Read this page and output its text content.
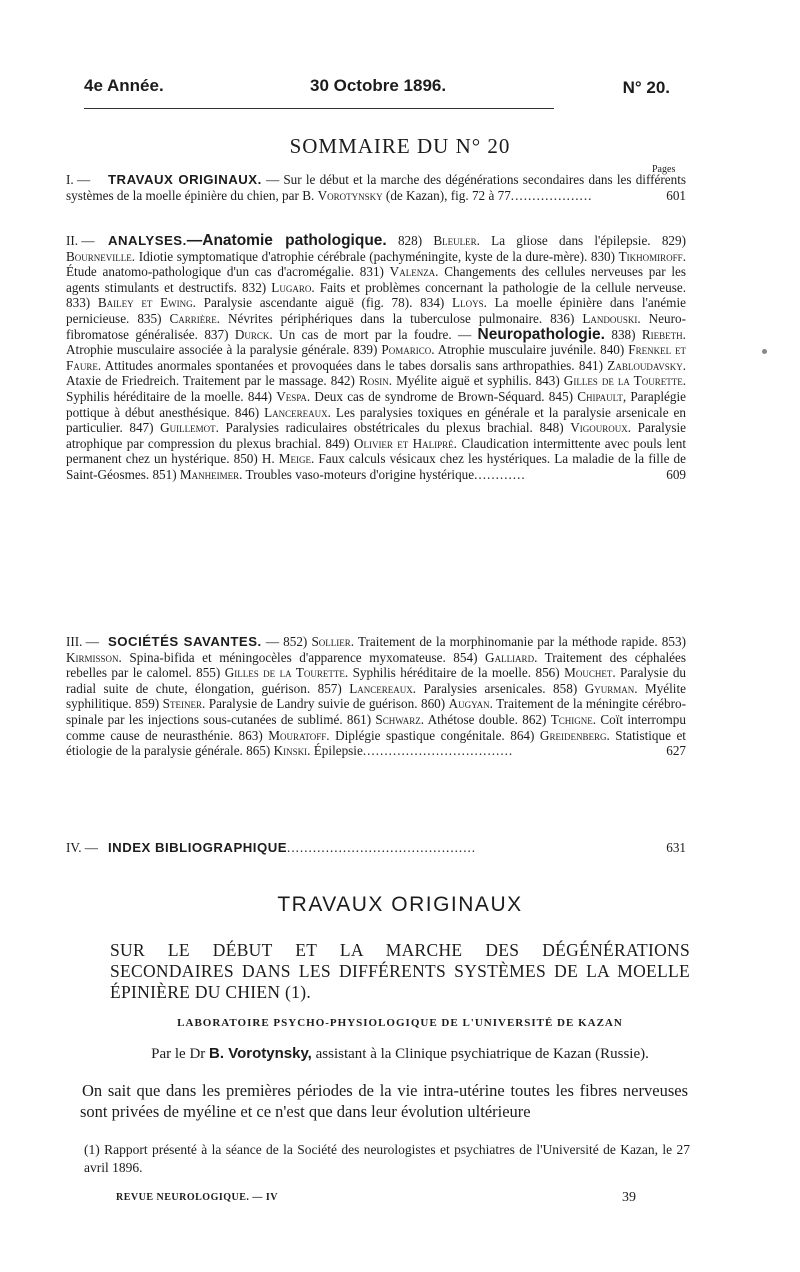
4e Année.	30 Octobre 1896.	N° 20.
SOMMAIRE DU N° 20
Pages
I. — TRAVAUX ORIGINAUX. — Sur le début et la marche des dégénérations secondaires dans les différents systèmes de la moelle épinière du chien, par B. Vorotynsky (de Kazan), fig. 72 à 77...................	601
II. — ANALYSES.—Anatomie pathologique. 828) Bleuler. La gliose dans l'épilepsie. 829) Bourneville. Idiotie symptomatique d'atrophie cérébrale (pachyméningite, kyste de la dure-mère). 830) Tikhomiroff. Étude anatomo-pathologique d'un cas d'acromégalie. 831) Valenza. Changements des cellules nerveuses par les agents stimulants et destructifs. 832) Lugaro. Faits et problèmes concernant la pathologie de la cellule nerveuse. 833) Bailey et Ewing. Paralysie ascendante aiguë (fig. 78). 834) Lloys. La moelle épinière dans l'anémie pernicieuse. 835) Carrière. Névrites périphériques dans la tuberculose pulmonaire. 836) Landouski. Neuro-fibromatose généralisée. 837) Durck. Un cas de mort par la foudre. — Neuropathologie. 838) Riebeth. Atrophie musculaire associée à la paralysie générale. 839) Pomarico. Atrophie musculaire juvénile. 840) Frenkel et Faure. Attitudes anormales spontanées et provoquées dans le tabes dorsalis sans arthropathies. 841) Zabloudavsky. Ataxie de Friedreich. Traitement par le massage. 842) Rosin. Myélite aiguë et syphilis. 843) Gilles de la Tourette. Syphilis héréditaire de la moelle. 844) Vespa. Deux cas de syndrome de Brown-Séquard. 845) Chipault, Paraplégie pottique à début anesthésique. 846) Lancereaux. Les paralysies toxiques en générale et la paralysie arsenicale en particulier. 847) Guillemot. Paralysies radiculaires obstétricales du plexus brachial. 848) Vigouroux. Paralysie atrophique par compression du plexus brachial. 849) Olivier et Halipré. Claudication intermittente avec pouls lent permanent chez un hystérique. 850) H. Meige. Faux calculs vésicaux chez les hystériques. La maladie de la fille de Saint-Géosmes. 851) Manheimer. Troubles vaso-moteurs d'origine hystérique............	609
III. — SOCIÉTÉS SAVANTES. — 852) Sollier. Traitement de la morphinomanie par la méthode rapide. 853) Kirmisson. Spina-bifida et méningocèles d'apparence myxomateuse. 854) Galliard. Traitement des céphalées rebelles par le calomel. 855) Gilles de la Tourette. Syphilis héréditaire de la moelle. 856) Mouchet. Paralysie du radial suite de chute, élongation, guérison. 857) Lancereaux. Paralysies arsenicales. 858) Gyurman. Myélite syphilitique. 859) Steiner. Paralysie de Landry suivie de guérison. 860) Augyan. Traitement de la méningite cérébro-spinale par les injections sous-cutanées de sublimé. 861) Schwarz. Athétose double. 862) Tchigne. Coït interrompu comme cause de neurasthénie. 863) Mouratoff. Diplégie spastique congénitale. 864) Greidenberg. Statistique et étiologie de la paralysie générale. 865) Kinski. Épilepsie...................................	627
IV. — INDEX BIBLIOGRAPHIQUE............................................	631
TRAVAUX ORIGINAUX
SUR LE DÉBUT ET LA MARCHE DES DÉGÉNÉRATIONS SECONDAIRES DANS LES DIFFÉRENTS SYSTÈMES DE LA MOELLE ÉPINIÈRE DU CHIEN (1).
LABORATOIRE PSYCHO-PHYSIOLOGIQUE DE L'UNIVERSITÉ DE KAZAN
Par le Dr B. Vorotynsky, assistant à la Clinique psychiatrique de Kazan (Russie).
On sait que dans les premières périodes de la vie intra-utérine toutes les fibres nerveuses sont privées de myéline et ce n'est que dans leur évolution ultérieure
(1) Rapport présenté à la séance de la Société des neurologistes et psychiatres de l'Université de Kazan, le 27 avril 1896.
REVUE NEUROLOGIQUE. — IV	39
